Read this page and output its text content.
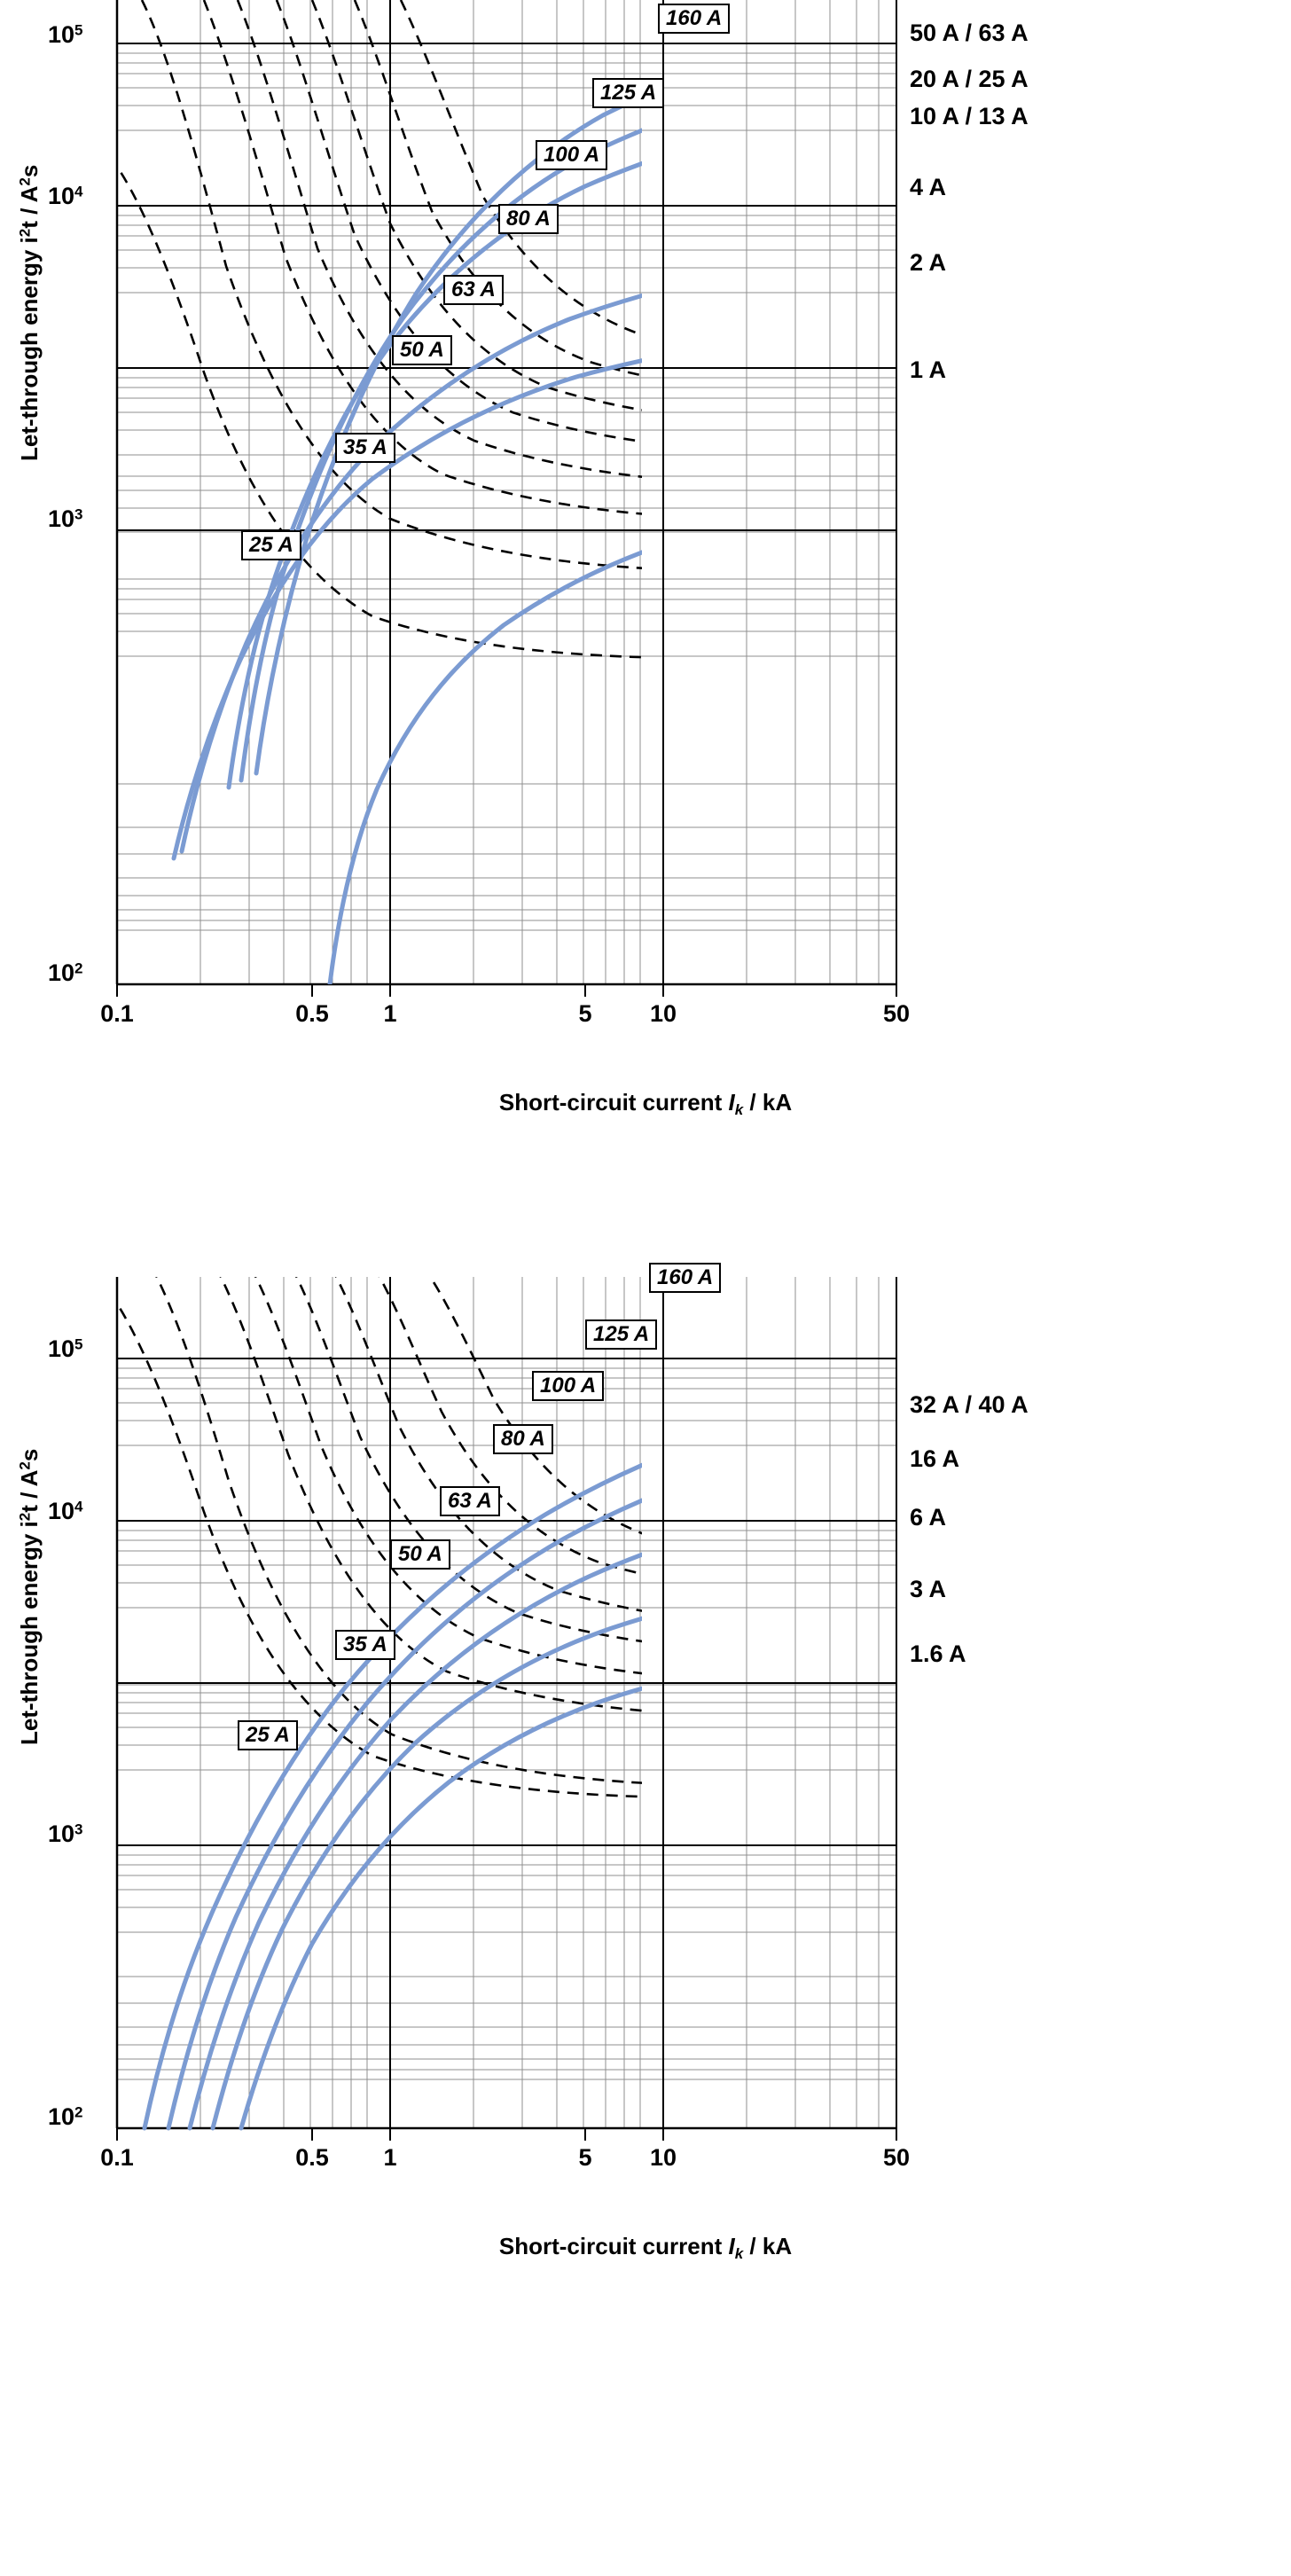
Let-through energy $i^2t / A^2s$
Short-circuit current $I_k$ / kA
0.1	0.5	1	5	10	50
$10^2$
$10^3$
$10^4$
$10^5$	50 A / 63 A
20 A / 25 A
10 A / 13 A
4 A
2 A
1 A
160 A
125 A
100 A
80 A
63 A
50 A
35 A
25 A
Let-through energy $i^2t / A^2s$
Short-circuit current $I_k$ / kA
0.1	0.5	1	5	10	50
$10^2$
$10^3$
$10^4$
$10^5$
32 A / 40 A
16 A
6 A
3 A
1.6 A
160 A
125 A
100 A
80 A
63 A
50 A
35 A
25 A
